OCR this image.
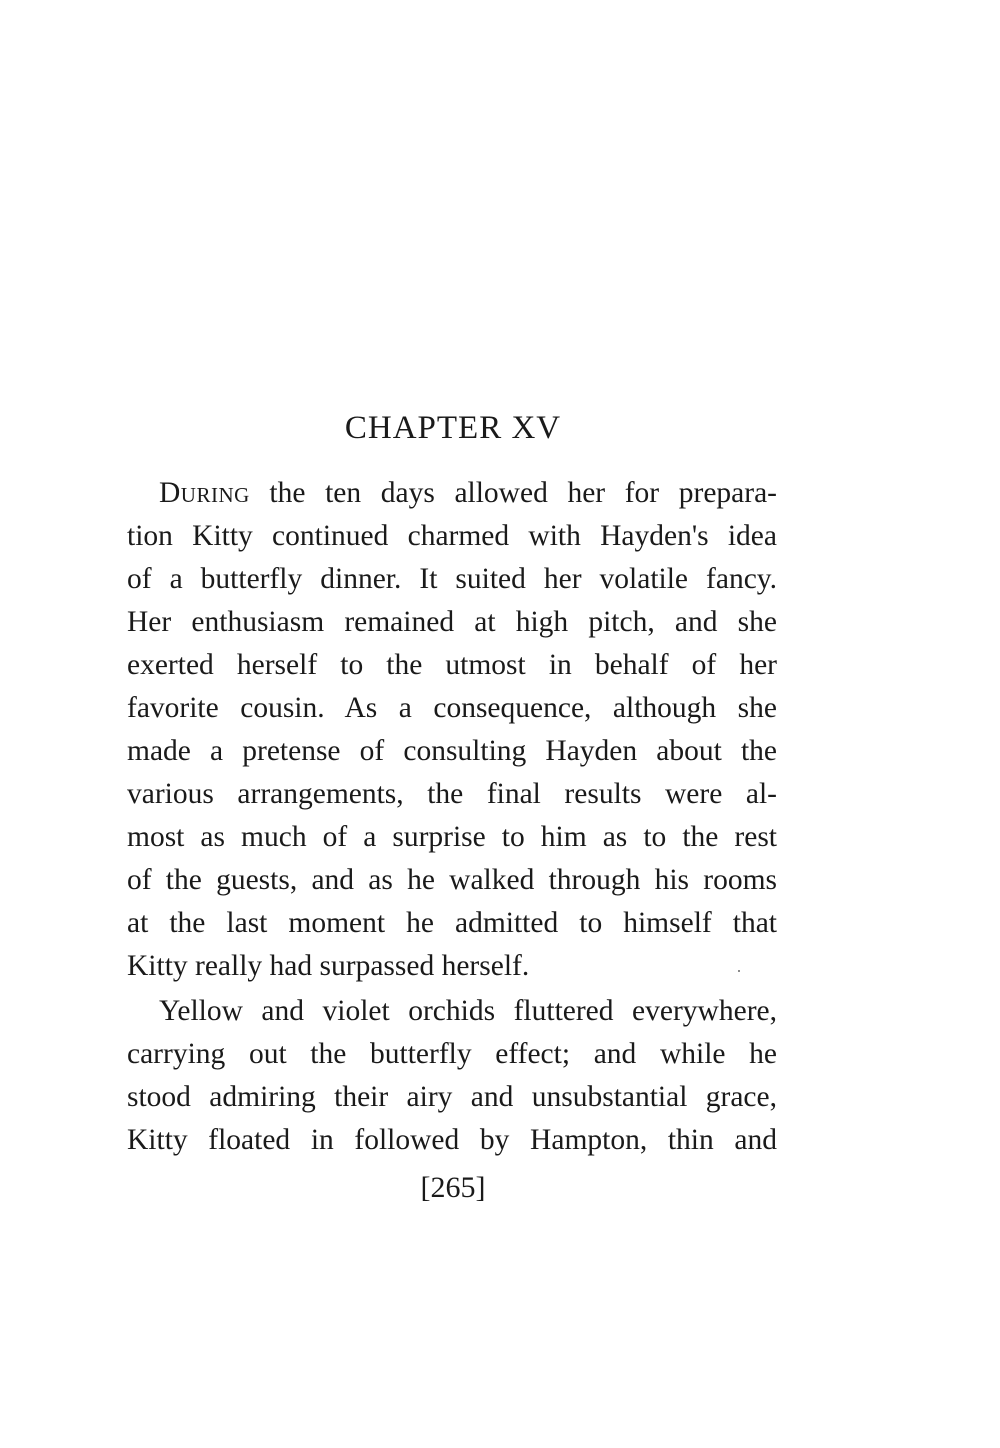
CHAPTER XV
During the ten days allowed her for prepara-
tion Kitty continued charmed with Hayden's idea
of a butterfly dinner. It suited her volatile fancy.
Her enthusiasm remained at high pitch, and she
exerted herself to the utmost in behalf of her
favorite cousin. As a consequence, although she
made a pretense of consulting Hayden about the
various arrangements, the final results were al-
most as much of a surprise to him as to the rest
of the guests, and as he walked through his rooms
at the last moment he admitted to himself that
Kitty really had surpassed herself.
Yellow and violet orchids fluttered everywhere,
carrying out the butterfly effect; and while he
stood admiring their airy and unsubstantial grace,
Kitty floated in followed by Hampton, thin and
[265]
